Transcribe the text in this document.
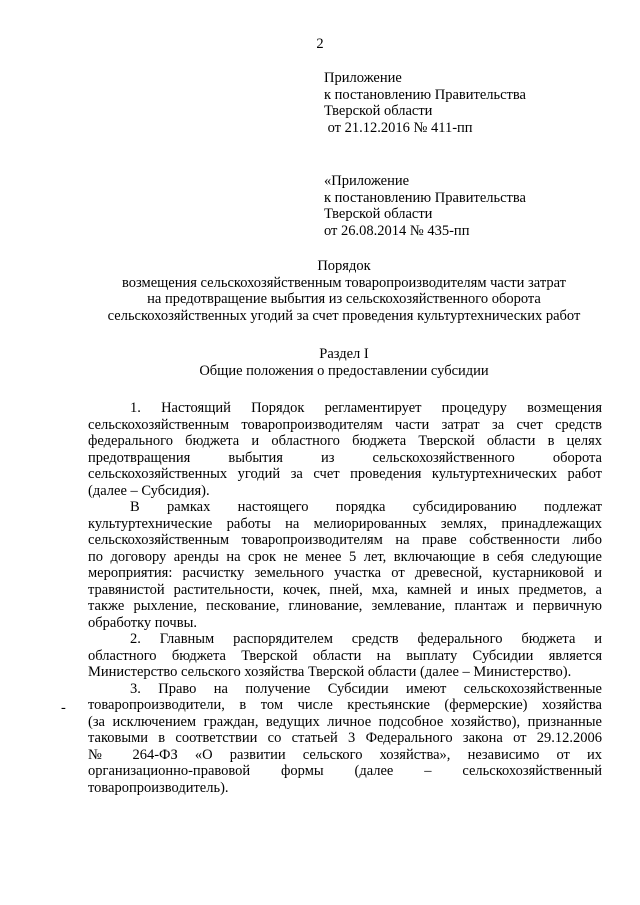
2
Приложение
к постановлению Правительства
Тверской области
от 21.12.2016 № 411-пп
«Приложение
к постановлению Правительства
Тверской области
от 26.08.2014 № 435-пп
Порядок
возмещения сельскохозяйственным товаропроизводителям части затрат
на предотвращение выбытия из сельскохозяйственного оборота
сельскохозяйственных угодий за счет проведения культуртехнических работ
Раздел I
Общие положения о предоставлении субсидии
-
1. Настоящий Порядок регламентирует процедуру возмещения
сельскохозяйственным товаропроизводителям части затрат за счет средств
федерального бюджета и областного бюджета Тверской области в целях
предотвращения выбытия из сельскохозяйственного оборота
сельскохозяйственных угодий за счет проведения культуртехнических работ
(далее – Субсидия).
В рамках настоящего порядка субсидированию подлежат
культуртехнические работы на мелиорированных землях, принадлежащих
сельскохозяйственным товаропроизводителям на праве собственности либо
по договору аренды на срок не менее 5 лет, включающие в себя следующие
мероприятия: расчистку земельного участка от древесной, кустарниковой и
травянистой растительности, кочек, пней, мха, камней и иных предметов, а
также рыхление, пескование, глинование, землевание, плантаж и первичную
обработку почвы.
2. Главным распорядителем средств федерального бюджета и
областного бюджета Тверской области на выплату Субсидии является
Министерство сельского хозяйства Тверской области (далее – Министерство).
3. Право на получение Субсидии имеют сельскохозяйственные
товаропроизводители, в том числе крестьянские (фермерские) хозяйства
(за исключением граждан, ведущих личное подсобное хозяйство), признанные
таковыми в соответствии со статьей 3 Федерального закона от 29.12.2006
№ 264-ФЗ «О развитии сельского хозяйства», независимо от их
организационно-правовой формы (далее – сельскохозяйственный
товаропроизводитель).
